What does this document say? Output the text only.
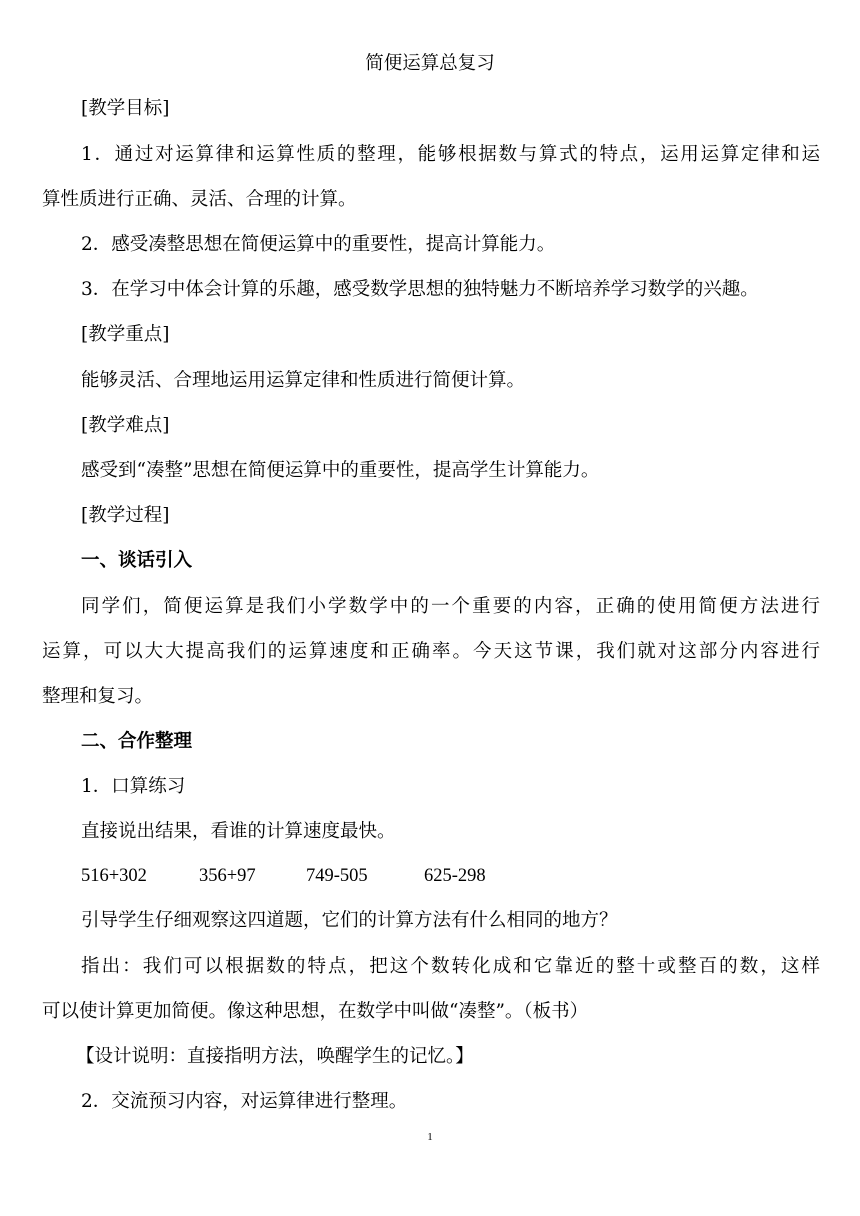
简便运算总复习
[教学目标]
1．通过对运算律和运算性质的整理，能够根据数与算式的特点，运用运算定律和运
算性质进行正确、灵活、合理的计算。
2．感受凑整思想在简便运算中的重要性，提高计算能力。
3．在学习中体会计算的乐趣，感受数学思想的独特魅力不断培养学习数学的兴趣。
[教学重点]
能够灵活、合理地运用运算定律和性质进行简便计算。
[教学难点]
感受到“凑整”思想在简便运算中的重要性，提高学生计算能力。
[教学过程]
一、谈话引入
同学们，简便运算是我们小学数学中的一个重要的内容，正确的使用简便方法进行
运算，可以大大提高我们的运算速度和正确率。今天这节课，我们就对这部分内容进行
整理和复习。
二、合作整理
1．口算练习
直接说出结果，看谁的计算速度最快。
516+302	356+97	749-505	625-298
引导学生仔细观察这四道题，它们的计算方法有什么相同的地方？
指出：我们可以根据数的特点，把这个数转化成和它靠近的整十或整百的数，这样
可以使计算更加简便。像这种思想，在数学中叫做“凑整”。（板书）
【设计说明：直接指明方法，唤醒学生的记忆。】
2．交流预习内容，对运算律进行整理。
1
